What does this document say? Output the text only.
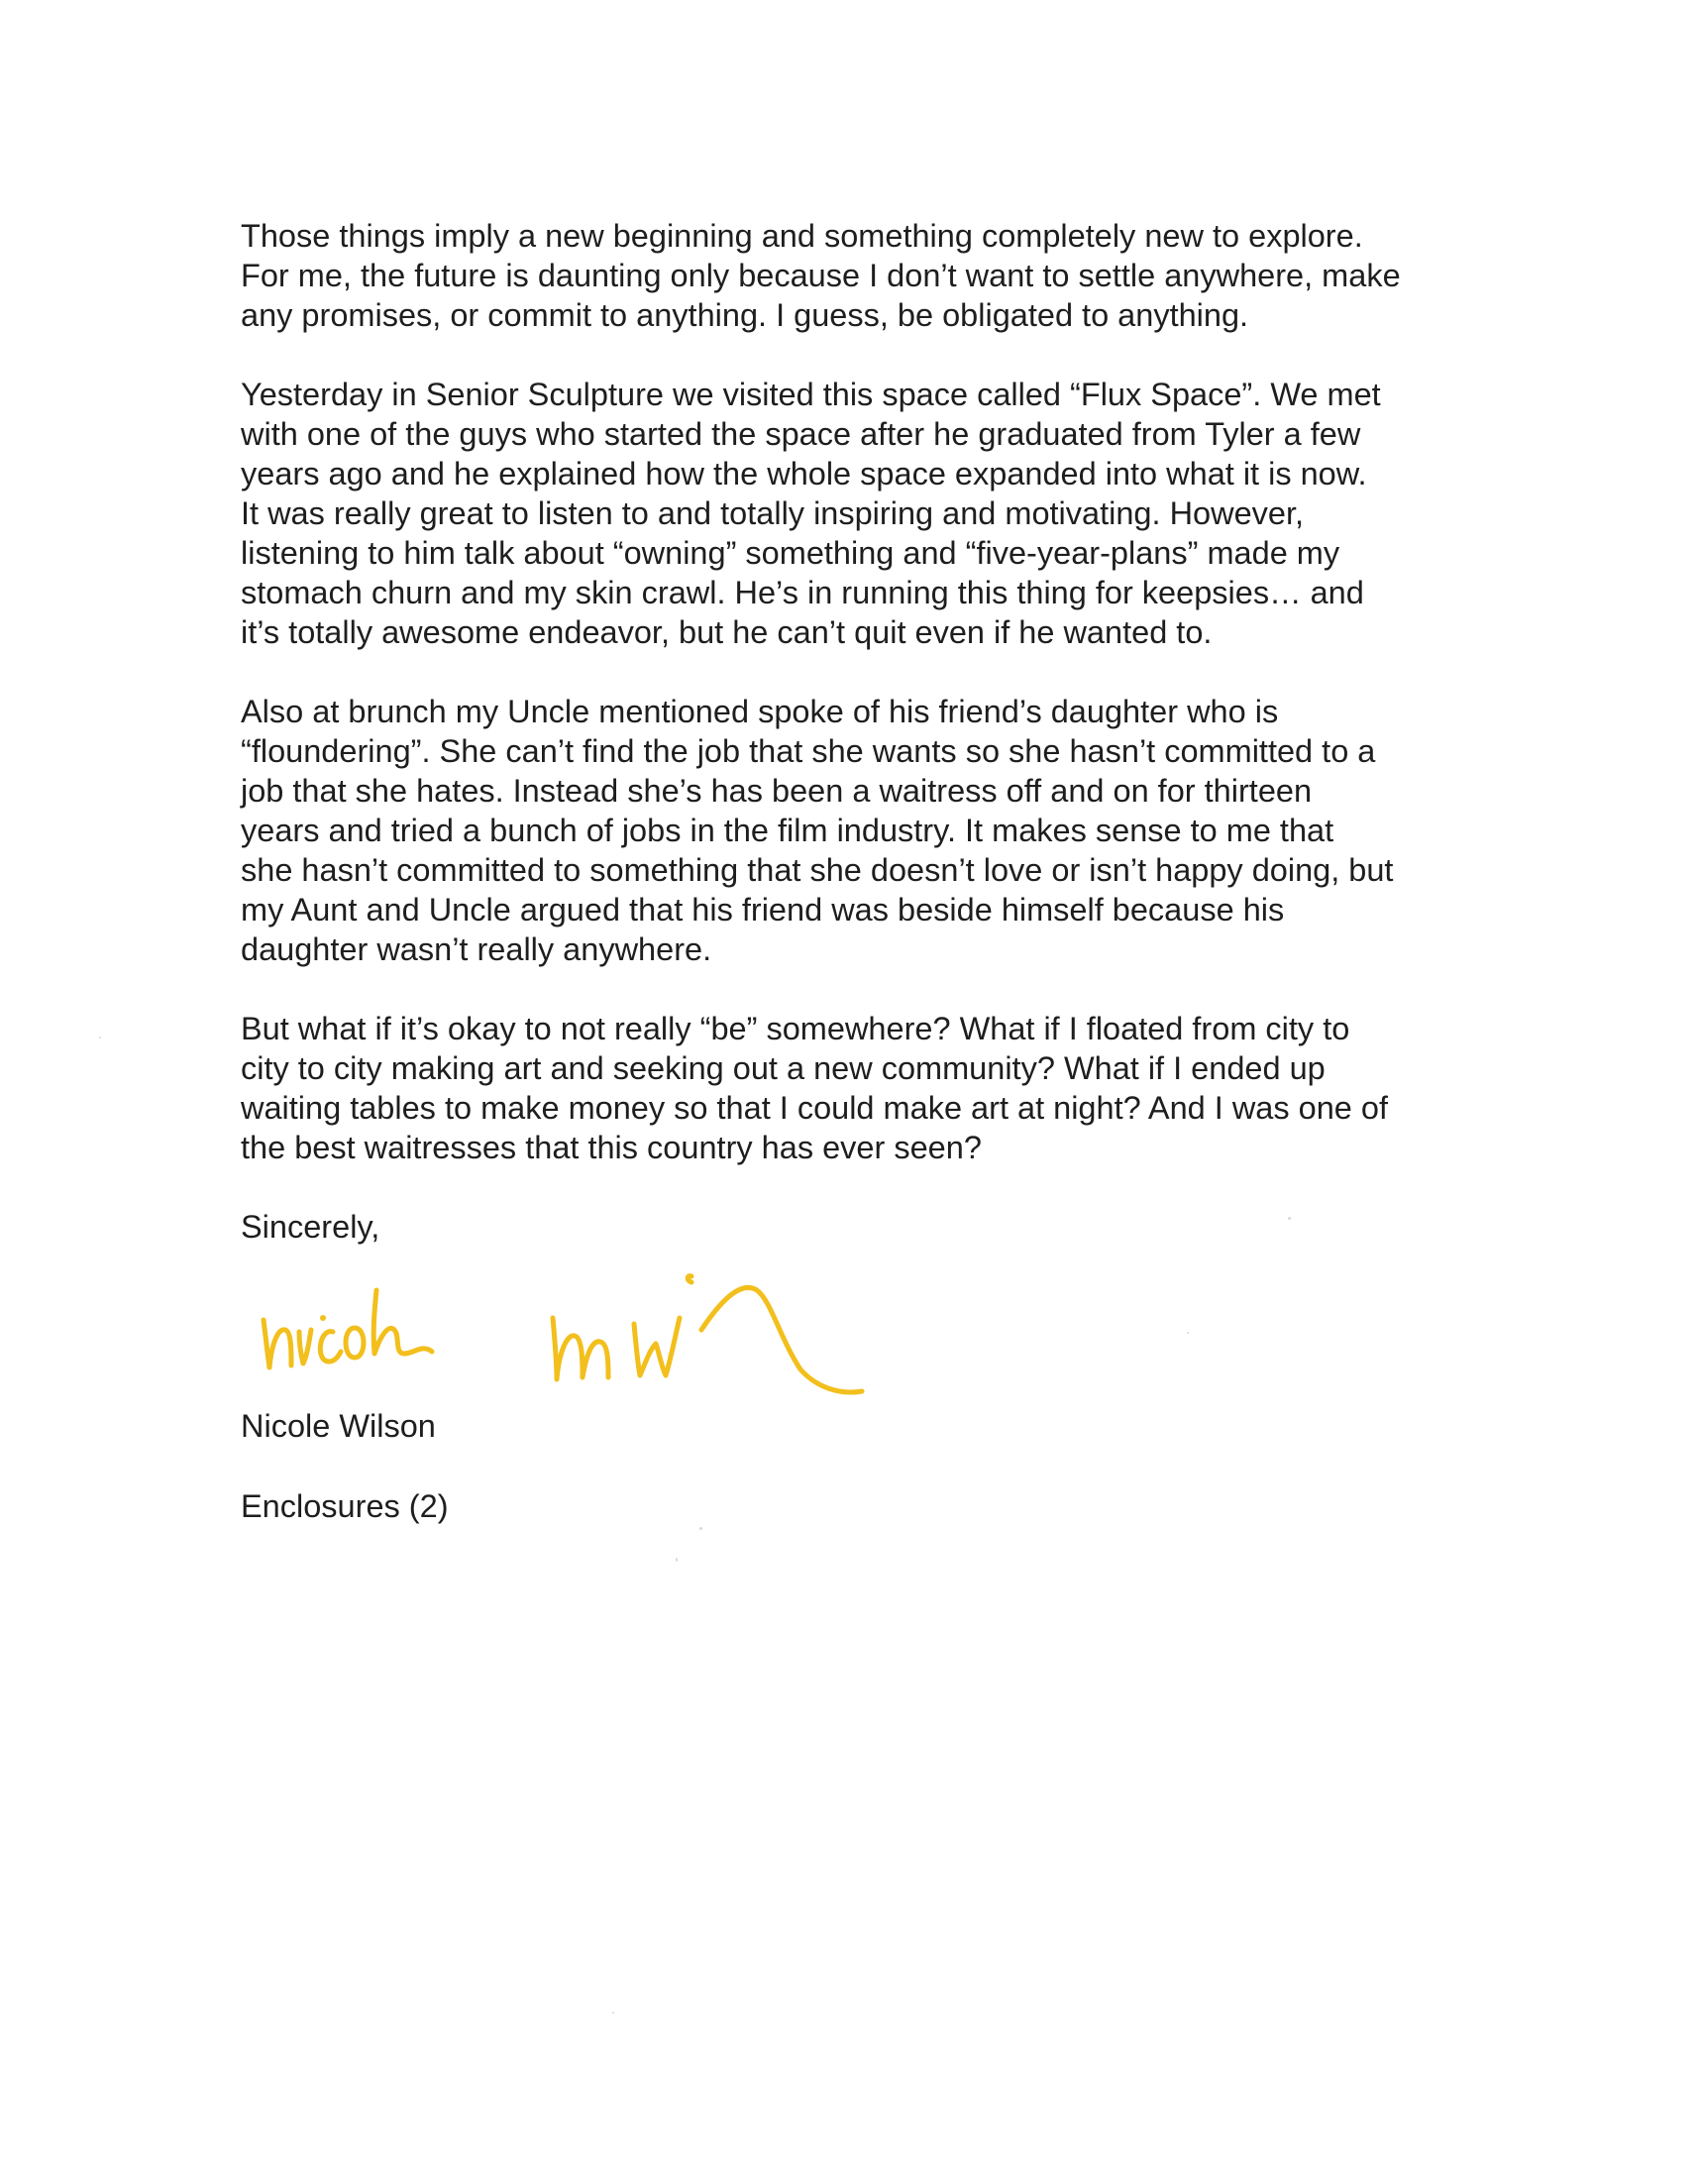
Those things imply a new beginning and something completely new to explore.
For me, the future is daunting only because I don’t want to settle anywhere, make
any promises, or commit to anything. I guess, be obligated to anything.

Yesterday in Senior Sculpture we visited this space called “Flux Space”. We met
with one of the guys who started the space after he graduated from Tyler a few
years ago and he explained how the whole space expanded into what it is now.
It was really great to listen to and totally inspiring and motivating. However,
listening to him talk about “owning” something and “five-year-plans” made my
stomach churn and my skin crawl. He’s in running this thing for keepsies… and
it’s totally awesome endeavor, but he can’t quit even if he wanted to.

Also at brunch my Uncle mentioned spoke of his friend’s daughter who is
“floundering”. She can’t find the job that she wants so she hasn’t committed to a
job that she hates. Instead she’s has been a waitress off and on for thirteen
years and tried a bunch of jobs in the film industry. It makes sense to me that
she hasn’t committed to something that she doesn’t love or isn’t happy doing, but
my Aunt and Uncle argued that his friend was beside himself because his
daughter wasn’t really anywhere.

But what if it’s okay to not really “be” somewhere? What if I floated from city to
city to city making art and seeking out a new community? What if I ended up
waiting tables to make money so that I could make art at night? And I was one of
the best waitresses that this country has ever seen?

Sincerely,

Nicole Wilson

Enclosures (2)
